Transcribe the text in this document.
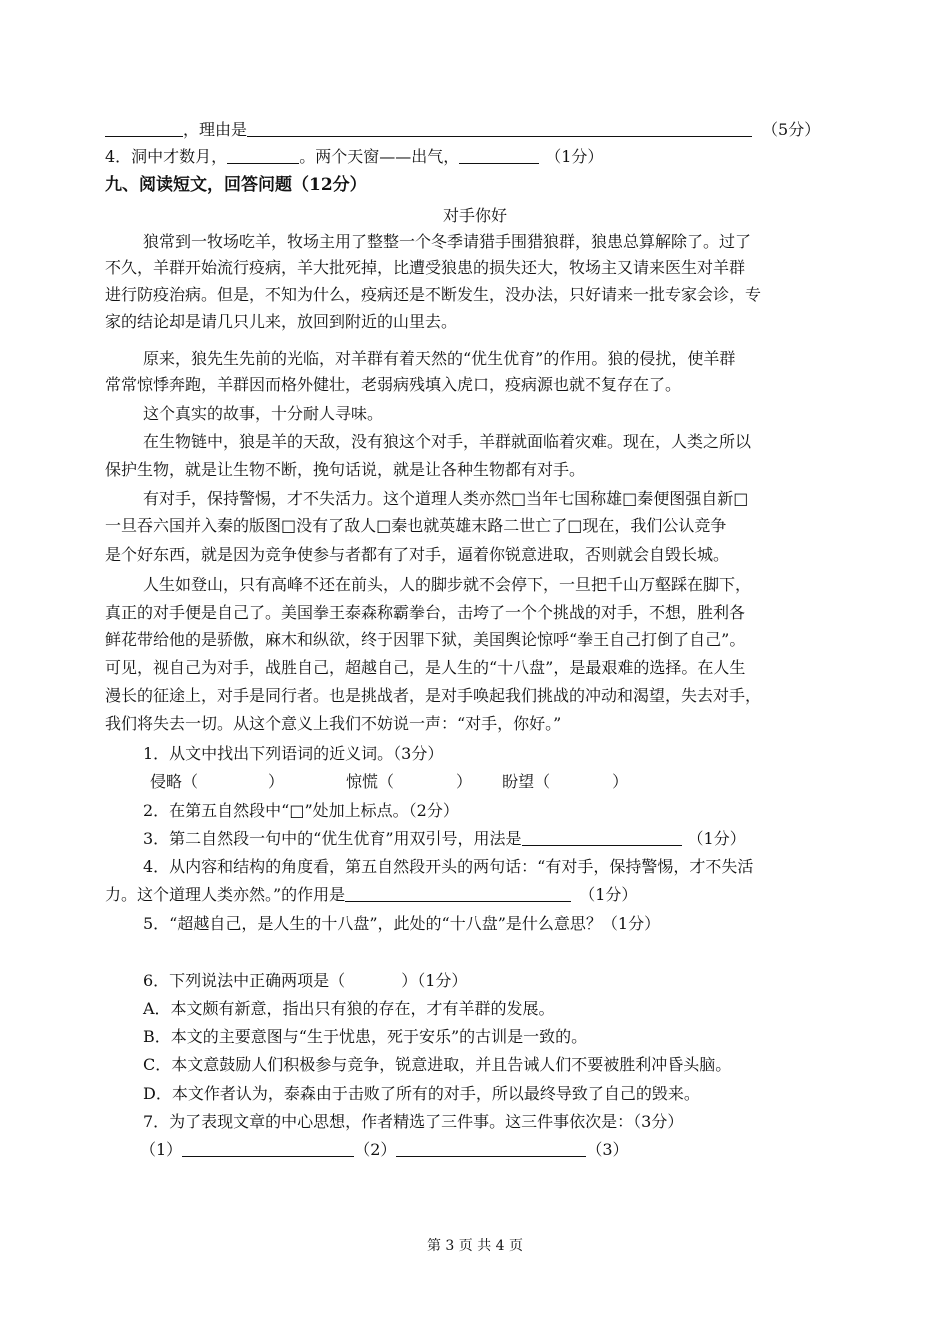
，理由是	（5分）
4．洞中才数月，	。两个天窗——出气，	（1分）
九、阅读短文，回答问题（12分）
对手你好
狼常到一牧场吃羊，牧场主用了整整一个冬季请猎手围猎狼群，狼患总算解除了。过了
不久，羊群开始流行疫病，羊大批死掉，比遭受狼患的损失还大，牧场主又请来医生对羊群
进行防疫治病。但是，不知为什么，疫病还是不断发生，没办法，只好请来一批专家会诊，专
家的结论却是请几只儿来，放回到附近的山里去。
原来，狼先生先前的光临，对羊群有着天然的“优生优育”的作用。狼的侵扰，使羊群
常常惊悸奔跑，羊群因而格外健壮，老弱病残填入虎口，疫病源也就不复存在了。
这个真实的故事，十分耐人寻味。
在生物链中，狼是羊的天敌，没有狼这个对手，羊群就面临着灾难。现在，人类之所以
保护生物，就是让生物不断，挽句话说，就是让各种生物都有对手。
有对手，保持警惕，才不失活力。这个道理人类亦然□当年七国称雄□秦便图强自新□
一旦吞六国并入秦的版图□没有了敌人□秦也就英雄末路二世亡了□现在，我们公认竞争
是个好东西，就是因为竞争使参与者都有了对手，逼着你锐意进取，否则就会自毁长城。
人生如登山，只有高峰不还在前头，人的脚步就不会停下，一旦把千山万壑踩在脚下，
真正的对手便是自己了。美国拳王泰森称霸拳台，击垮了一个个挑战的对手，不想，胜利各
鲜花带给他的是骄傲，麻木和纵欲，终于因罪下狱，美国舆论惊呼“拳王自己打倒了自己”。
可见，视自己为对手，战胜自己，超越自己，是人生的“十八盘”，是最艰难的选择。在人生
漫长的征途上，对手是同行者。也是挑战者，是对手唤起我们挑战的冲动和渴望，失去对手，
我们将失去一切。从这个意义上我们不妨说一声：“对手，你好。”
1．从文中找出下列语词的近义词。（3分）
侵略（	）	惊慌（	） 盼望（	）
2．在第五自然段中“□”处加上标点。（2分）
3．第二自然段一句中的“优生优育”用双引号，用法是	（1分）
4．从内容和结构的角度看，第五自然段开头的两句话：“有对手，保持警惕，才不失活
力。这个道理人类亦然。”的作用是	（1分）
5．“超越自己，是人生的十八盘”，此处的“十八盘”是什么意思？（1分）
6．下列说法中正确两项是（	）（1分）
A．本文颇有新意，指出只有狼的存在，才有羊群的发展。
B．本文的主要意图与“生于忧患，死于安乐”的古训是一致的。
C．本文意鼓励人们积极参与竞争，锐意进取，并且告诫人们不要被胜利冲昏头脑。
D．本文作者认为，泰森由于击败了所有的对手，所以最终导致了自己的毁来。
7．为了表现文章的中心思想，作者精选了三件事。这三件事依次是：（3分）
（1）	（2）	（3）
第 3 页 共 4 页
